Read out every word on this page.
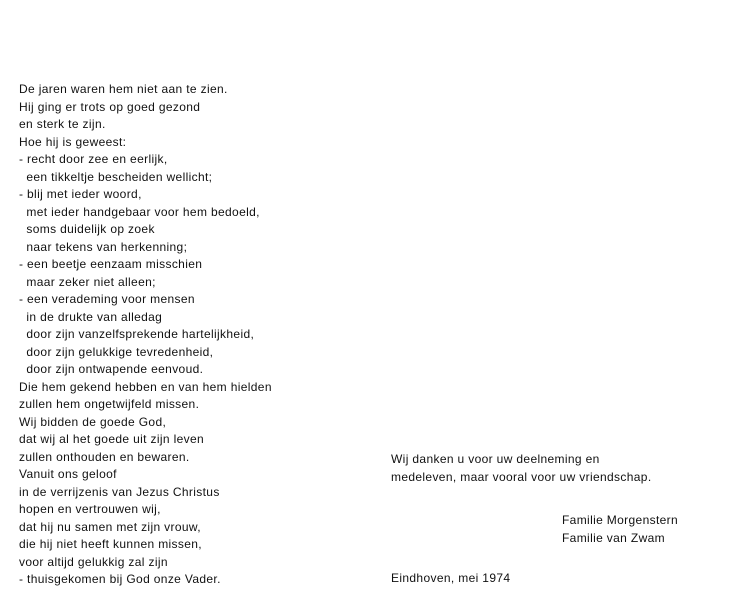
De jaren waren hem niet aan te zien.
Hij ging er trots op goed gezond
en sterk te zijn.
Hoe hij is geweest:
- recht door zee en eerlijk,
een tikkeltje bescheiden wellicht;
- blij met ieder woord,
met ieder handgebaar voor hem bedoeld,
soms duidelijk op zoek
naar tekens van herkenning;
- een beetje eenzaam misschien
maar zeker niet alleen;
- een verademing voor mensen
in de drukte van alledag
door zijn vanzelfsprekende hartelijkheid,
door zijn gelukkige tevredenheid,
door zijn ontwapende eenvoud.
Die hem gekend hebben en van hem hielden
zullen hem ongetwijfeld missen.
Wij bidden de goede God,
dat wij al het goede uit zijn leven
zullen onthouden en bewaren.
Vanuit ons geloof
in de verrijzenis van Jezus Christus
hopen en vertrouwen wij,
dat hij nu samen met zijn vrouw,
die hij niet heeft kunnen missen,
voor altijd gelukkig zal zijn
- thuisgekomen bij God onze Vader.
Wij danken u voor uw deelneming en
medeleven, maar vooral voor uw vriendschap.
Familie Morgenstern
Familie van Zwam
Eindhoven, mei 1974
